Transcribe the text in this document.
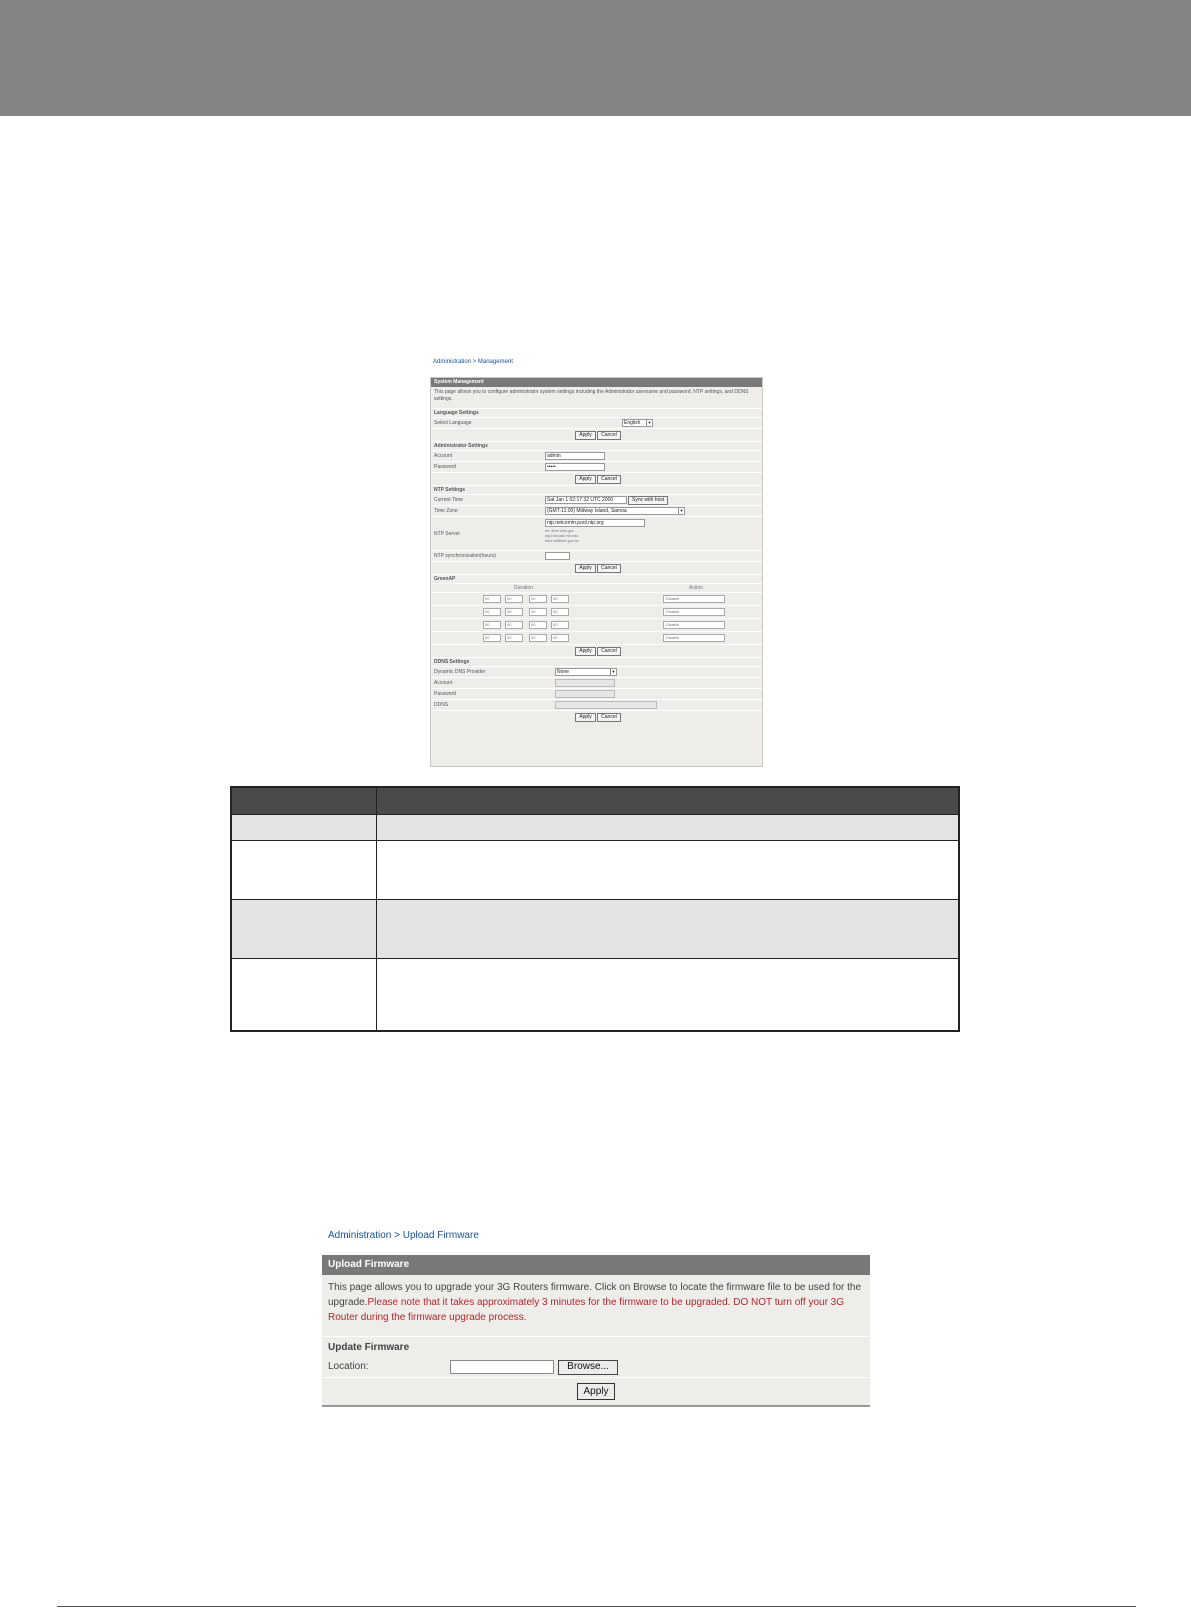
Administration > Management
System Management
This page allows you to configure administrator system settings including the Administrator username and password, NTP settings, and DDNS settings.
Language Settings
Select Language	English	▼
Apply Cancel
Administrator Settings
Account	admin
Password	•••••
Apply Cancel
NTP Settings
Current Time	Sat Jan 1 02:17:32 UTC 2000	Sync with host
Time Zone	(GMT-11:00) Midway Island, Samoa	▼
NTP Server
ntp.netcomm.pool.ntp.org
ex: time.nist.gov
ntp0.broad.mit.edu
time.stdtime.gov.tw
NTP synchronization(hours)
Apply Cancel
GreenAP
Duration	Action
00	00	00	00	Disable
00	00	00	00	Disable
00	00	00	00	Disable
00	00	00	00	Disable
Apply Cancel
DDNS Settings
Dynamic DNS Provider	None	▼
Account
Password
DDNS
Apply Cancel

Administration > Upload Firmware
Upload Firmware
This page allows you to upgrade your 3G Routers firmware. Click on Browse to locate the firmware file to be used for the upgrade.Please note that it takes approximately 3 minutes for the firmware to be upgraded. DO NOT turn off your 3G Router during the firmware upgrade process.
Update Firmware
Location:	Browse...
Apply
